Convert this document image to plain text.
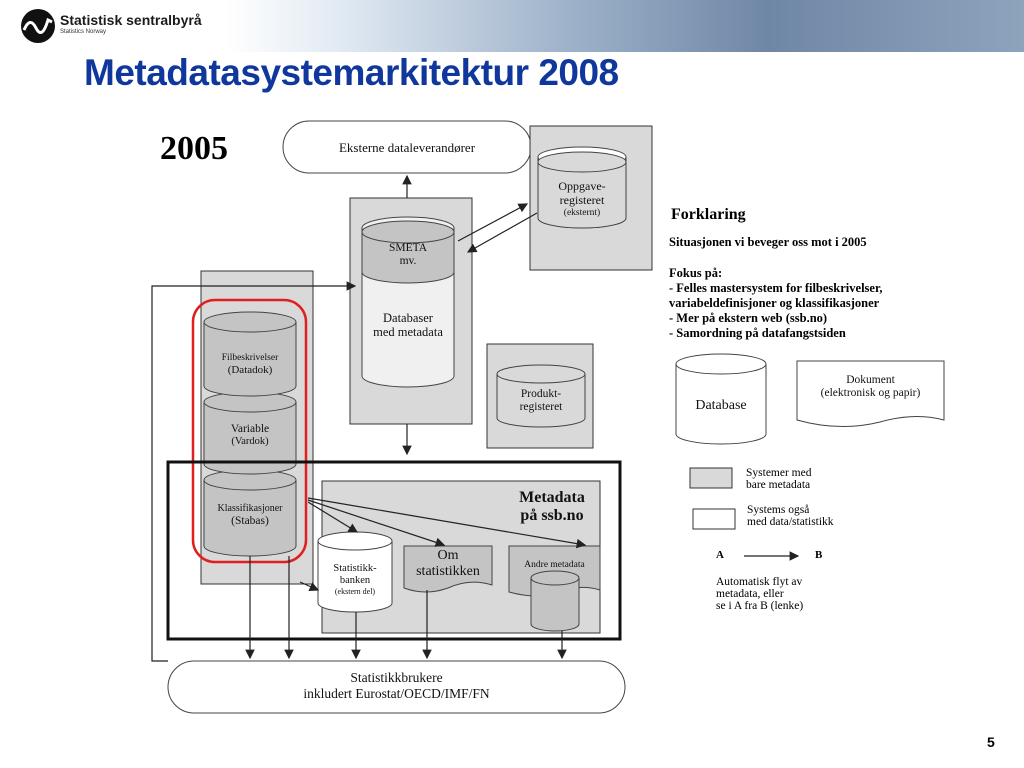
Statistisk sentralbyrå
Statistics Norway
Metadatasystemarkitektur 2008
2005	Eksterne dataleverandører
Oppgave-
registeret
(eksternt)
SMETA
mv.
Databaser
med metadata
Produkt-
registeret
Filbeskrivelser
(Datadok)
Variable
(Vardok)
Klassifikasjoner
(Stabas)
Metadata
på ssb.no
Statistikk-
banken
(ekstern del)
Om
statistikken	Andre metadata
Statistikkbrukere
inkludert Eurostat/OECD/IMF/FN
Forklaring
Situasjonen vi beveger oss mot i 2005
Fokus på:
- Felles mastersystem for filbeskrivelser,
variabeldefinisjoner og klassifikasjoner
- Mer på ekstern web (ssb.no)
- Samordning på datafangstsiden
Database
Dokument
(elektronisk og papir)
Systemer med
bare metadata
Systems også
med data/statistikk
A	B
Automatisk flyt av
metadata, eller
se i A fra B (lenke)
5
